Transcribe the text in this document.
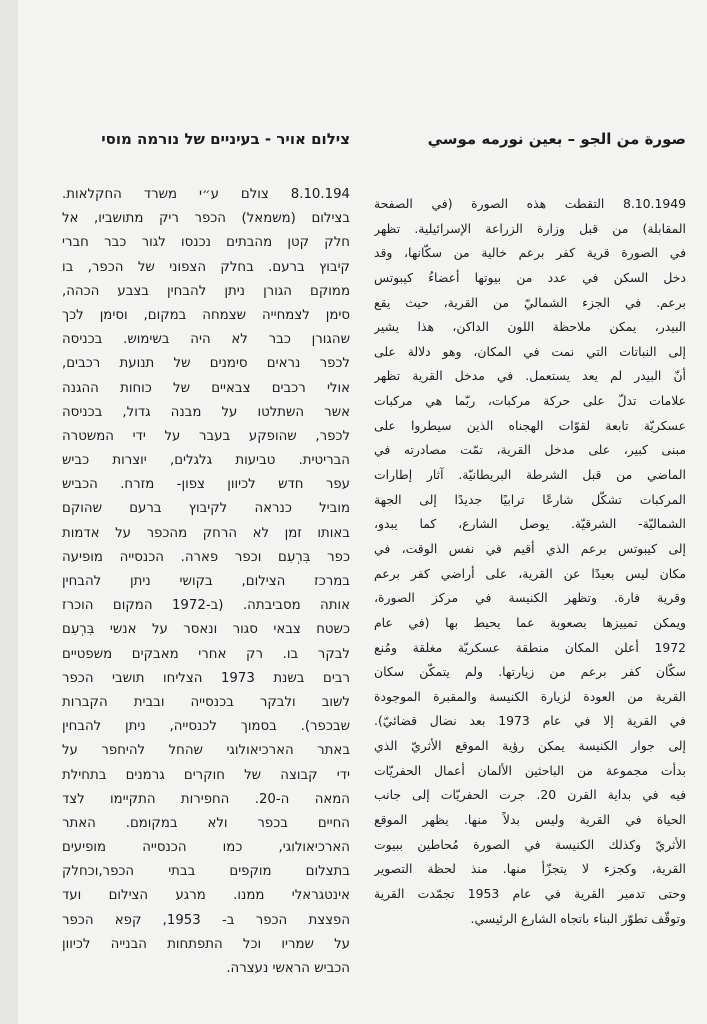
צילום אויר - בעיניים של נורמה מוסי
8.10.194 צולם ע״י משרד החקלאות.
בצילום (משמאל) הכפר ריק מתושביו, אל
חלק קטן מהבתים נכנסו לגור כבר חברי
קיבוץ ברעם. בחלק הצפוני של הכפר, בו
ממוקם הגורן ניתן להבחין בצבע הכהה,
סימן לצמחייה שצמחה במקום, וסימן לכך
שהגורן כבר לא היה בשימוש. בכניסה
לכפר נראים סימנים של תנועת רכבים,
אולי רכבים צבאיים של כוחות ההגנה
אשר השתלטו על מבנה גדול, בכניסה
לכפר, שהופקע בעבר על ידי המשטרה
הבריטית. טביעות גלגלים, יוצרות כביש
עפר חדש לכיוון צפון- מזרח. הכביש
מוביל כנראה לקיבוץ ברעם שהוקם
באותו זמן לא הרחק מהכפר על אדמות
כפר בִּרְעִם וכפר פארה. הכנסייה מופיעה
במרכז הצילום, בקושי ניתן להבחין
אותה מסביבתה. (ב-1972 המקום הוכרז
כשטח צבאי סגור ונאסר על אנשי בִּרְעִם
לבקר בו. רק אחרי מאבקים משפטיים
רבים בשנת 1973 הצליחו תושבי הכפר
לשוב ולבקר בכנסייה ובבית הקברות
שבכפר). בסמוך לכנסייה, ניתן להבחין
באתר הארכיאולוגי שהחל להיחפר על
ידי קבוצה של חוקרים גרמנים בתחילת
המאה ה-20. החפירות התקיימו לצד
החיים בכפר ולא במקומם. האתר
הארכיאולוגי, כמו הכנסייה מופיעים
בתצלום מוקפים בבתי הכפר,וכחלק
אינטגראלי ממנו. מרגע הצילום ועד
הפצצת הכפר ב- 1953, קפא הכפר
על שמריו וכל התפתחות הבנייה לכיוון
הכביש הראשי נעצרה.
صورة من الجو – بعين نورمه موسي
8.10.1949 التقطت هذه الصورة (في الصفحة
المقابلة) من قبل وزارة الزراعة الإسرائيلية. تظهر
في الصورة قرية كفر برعم خالية من سكّانها، وقد
دخل السكن في عدد من بيوتها أعضاءُ كيبوتس
برعم. في الجزء الشماليّ من القرية، حيث يقع
البيدر، يمكن ملاحظة اللون الداكن، هذا يشير
إلى النباتات التي نمت في المكان، وهو دلالة على
أنّ البيدر لم يعد يستعمل. في مدخل القرية تظهر
علامات تدلّ على حركة مركبات، ربّما هي مركبات
عسكريّة تابعة لقوّات الهجناه الذين سيطروا على
مبنى كبير، على مدخل القرية، تمّت مصادرته في
الماضي من قبل الشرطة البريطانيّة. آثار إطارات
المركبات تشكّل شارعًا ترابيًا جديدًا إلى الجهة
الشماليّة- الشرقيّة. يوصل الشارع، كما يبدو،
إلى كيبوتس برعم الذي أقيم في نفس الوقت، في
مكان ليس بعيدًا عن القرية، على أراضي كفر برعم
وقرية فارة. وتظهر الكنيسة في مركز الصورة،
ويمكن تمييزها بصعوبة عما يحيط بها (في عام
1972 أعلن المكان منطقة عسكريّة مغلقة ومُنع
سكّان كفر برعم من زيارتها. ولم يتمكّن سكان
القرية من العودة لزيارة الكنيسة والمقبرة الموجودة
في القرية إلا في عام 1973 بعد نضال قضائيّ).
إلى جوار الكنيسة يمكن رؤية الموقع الأثريّ الذي
بدأت مجموعة من الباحثين الألمان أعمال الحفريّات
فيه في بداية القرن 20. جرت الحفريّات إلى جانب
الحياة في القرية وليس بدلاً منها. يظهر الموقع
الأثريّ وكذلك الكنيسة في الصورة مُحاطين ببيوت
القرية، وكجزء لا يتجزّأ منها. منذ لحظة التصوير
وحتى تدمير القرية في عام 1953 تجمّدت القرية
وتوقّف تطوّر البناء باتجاه الشارع الرئيسي.
